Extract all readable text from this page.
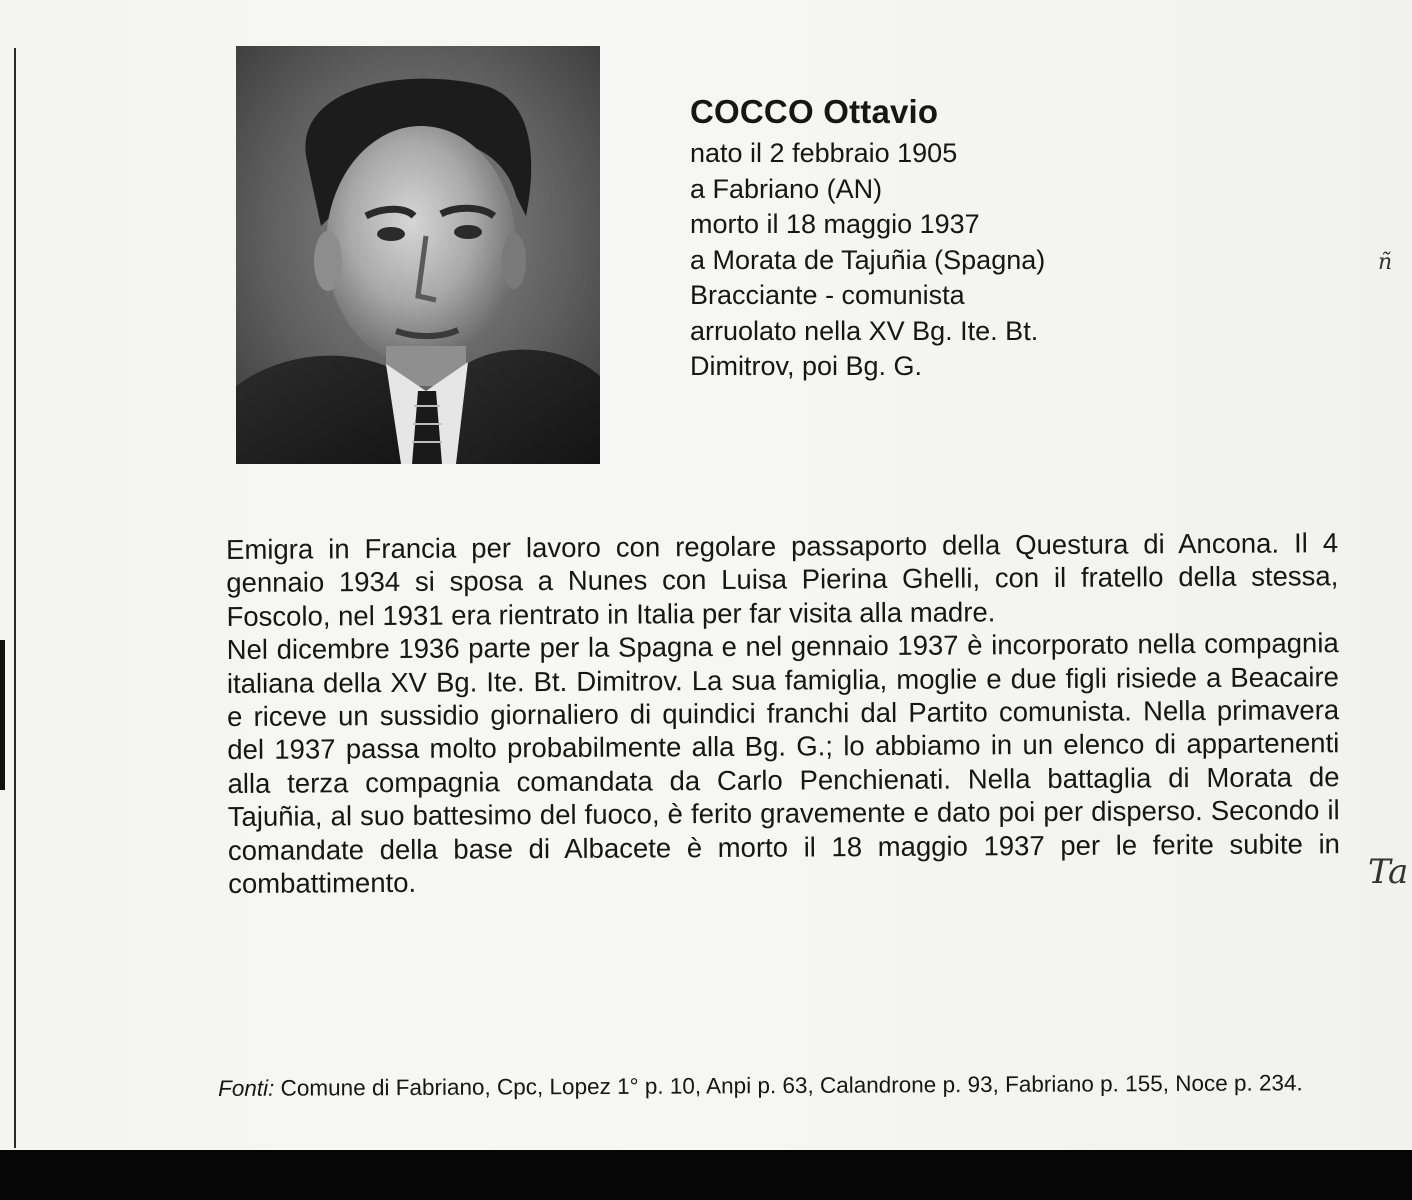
COCCO Ottavio

nato il 2 febbraio 1905

a Fabriano (AN)

morto il 18 maggio 1937

a Morata de Tajuñia (Spagna)

Bracciante - comunista

arruolato nella XV Bg. Ite. Bt.

Dimitrov, poi Bg. G.

Emigra in Francia per lavoro con regolare passaporto della Questura di Ancona. Il 4 gennaio 1934 si sposa a Nunes con Luisa Pierina Ghelli, con il fratello della stessa, Foscolo, nel 1931 era rientrato in Italia per far visita alla madre.

Nel dicembre 1936 parte per la Spagna e nel gennaio 1937 è incorporato nella compagnia italiana della XV Bg. Ite. Bt. Dimitrov. La sua famiglia, moglie e due figli risiede a Beacaire e riceve un sussidio giornaliero di quindici franchi dal Partito comunista. Nella primavera del 1937 passa molto probabilmente alla Bg. G.; lo abbiamo in un elenco di appartenenti alla terza compagnia comandata da Carlo Penchienati. Nella battaglia di Morata de Tajuñia, al suo battesimo del fuoco, è ferito gravemente e dato poi per disperso. Secondo il comandate della base di Albacete è morto il 18 maggio 1937 per le ferite subite in combattimento.

Fonti: Comune di Fabriano, Cpc, Lopez 1° p. 10, Anpi p. 63, Calandrone p. 93, Fabriano p. 155, Noce p. 234.
ñ
Ta
